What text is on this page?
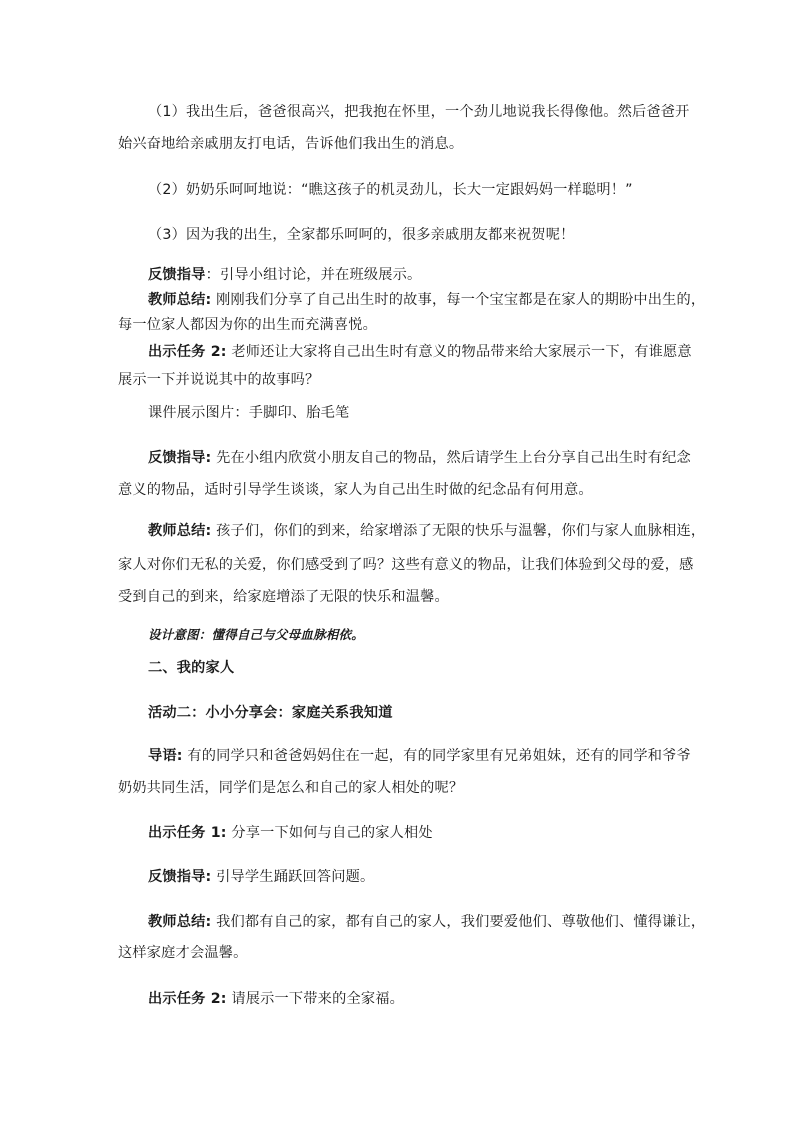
（1）我出生后，爸爸很高兴，把我抱在怀里，一个劲儿地说我长得像他。然后爸爸开
始兴奋地给亲戚朋友打电话，告诉他们我出生的消息。
（2）奶奶乐呵呵地说：“瞧这孩子的机灵劲儿，长大一定跟妈妈一样聪明！”
（3）因为我的出生，全家都乐呵呵的，很多亲戚朋友都来祝贺呢！
反馈指导：引导小组讨论，并在班级展示。
教师总结: 刚刚我们分享了自己出生时的故事，每一个宝宝都是在家人的期盼中出生的，
每一位家人都因为你的出生而充满喜悦。
出示任务 2: 老师还让大家将自己出生时有意义的物品带来给大家展示一下，有谁愿意
展示一下并说说其中的故事吗？
课件展示图片：手脚印、胎毛笔
反馈指导: 先在小组内欣赏小朋友自己的物品，然后请学生上台分享自己出生时有纪念
意义的物品，适时引导学生谈谈，家人为自己出生时做的纪念品有何用意。
教师总结: 孩子们，你们的到来，给家增添了无限的快乐与温馨，你们与家人血脉相连，
家人对你们无私的关爱，你们感受到了吗？这些有意义的物品，让我们体验到父母的爱，感
受到自己的到来，给家庭增添了无限的快乐和温馨。
设计意图：懂得自己与父母血脉相依。
二、我的家人
活动二：小小分享会：家庭关系我知道
导语: 有的同学只和爸爸妈妈住在一起，有的同学家里有兄弟姐妹，还有的同学和爷爷
奶奶共同生活，同学们是怎么和自己的家人相处的呢？
出示任务 1: 分享一下如何与自己的家人相处
反馈指导: 引导学生踊跃回答问题。
教师总结: 我们都有自己的家，都有自己的家人，我们要爱他们、尊敬他们、懂得谦让，
这样家庭才会温馨。
出示任务 2: 请展示一下带来的全家福。
